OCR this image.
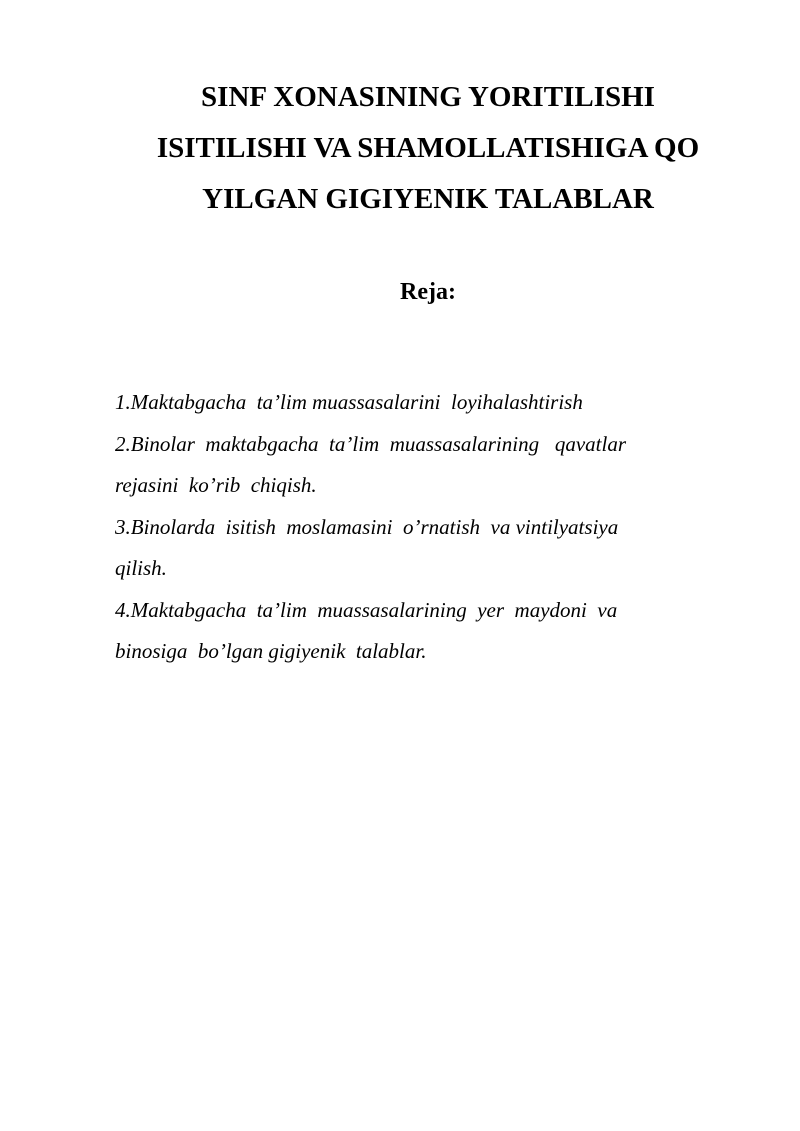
SINF XONASINING YORITILISHI
ISITILISHI VA SHAMOLLATISHIGA QO
YILGAN GIGIYENIK TALABLAR
Reja:
1.Maktabgacha  ta’lim muassasalarini  loyihalashtirish
2.Binolar  maktabgacha  ta’lim  muassasalarining   qavatlar
rejasini  ko’rib  chiqish.
3.Binolarda  isitish  moslamasini  o’rnatish  va vintilyatsiya
qilish.
4.Maktabgacha  ta’lim  muassasalarining  yer  maydoni  va
binosiga  bo’lgan gigiyenik  talablar.
